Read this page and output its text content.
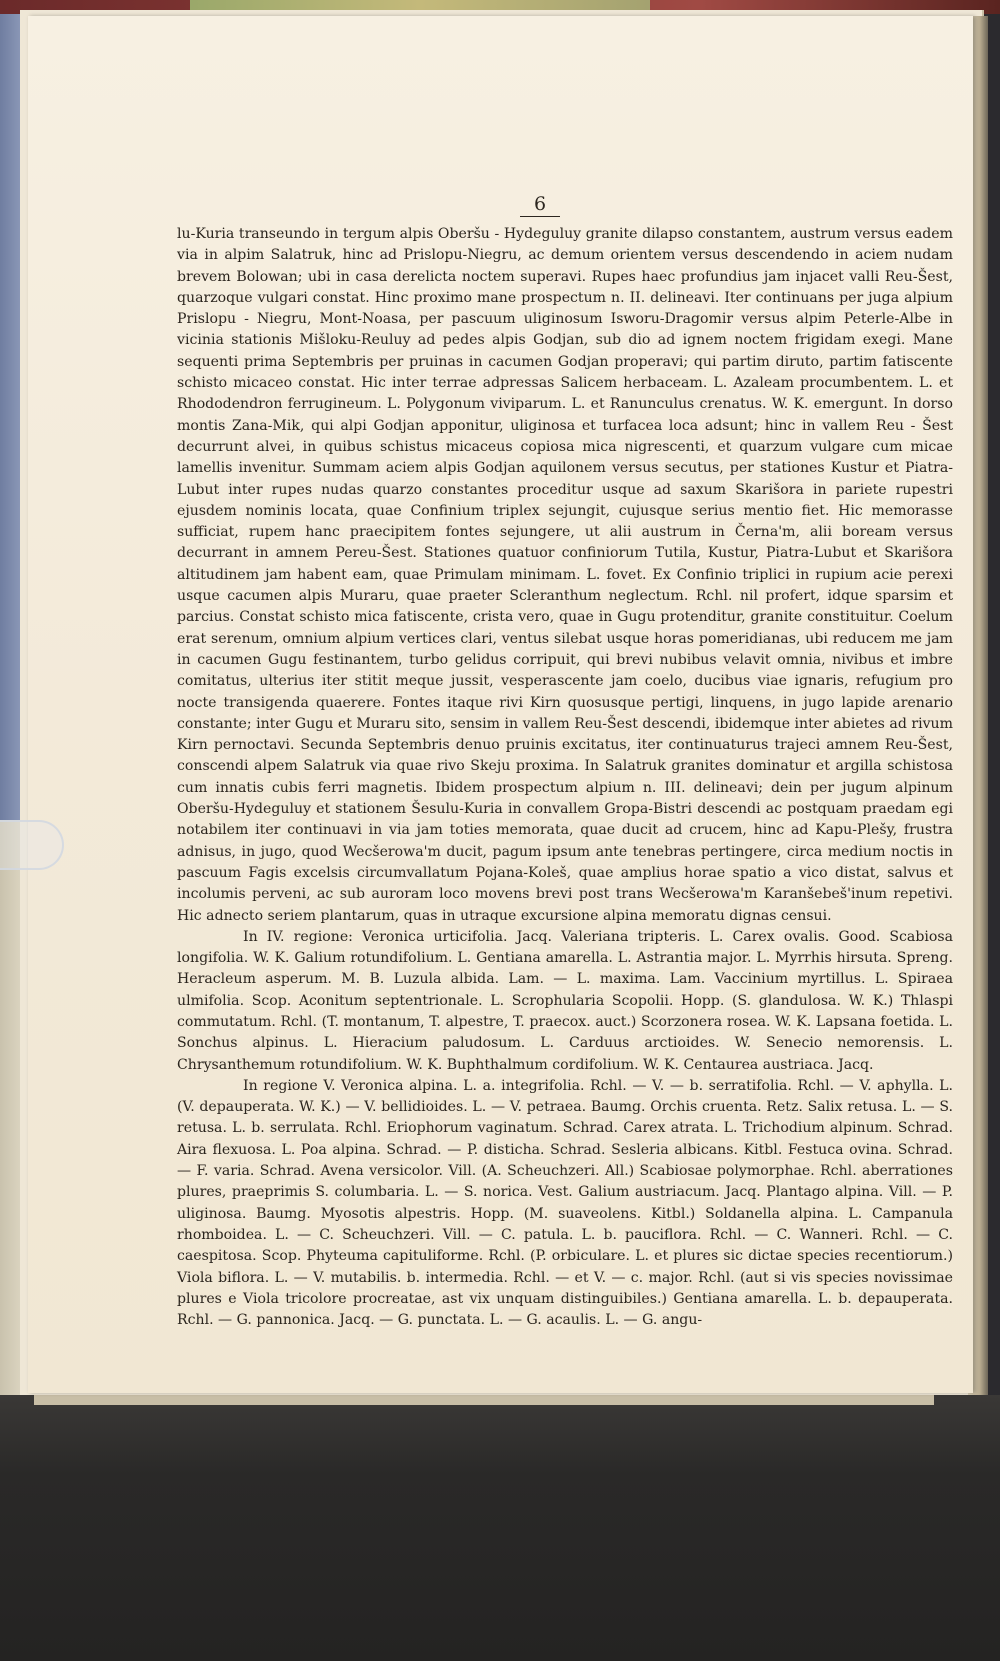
6

lu-Kuria transeundo in tergum alpis Oberšu - Hydeguluy granite dilapso constantem, austrum versus eadem via in alpim Salatruk, hinc ad Prislopu-Niegru, ac demum orientem versus descendendo in aciem nudam brevem Bolowan; ubi in casa derelicta noctem superavi. Rupes haec profundius jam injacet valli Reu-Šest, quarzoque vulgari constat. Hinc proximo mane prospectum n. II. delineavi. Iter continuans per juga alpium Prislopu - Niegru, Mont-Noasa, per pascuum uliginosum Isworu-Dragomir versus alpim Peterle-Albe in vicinia stationis Mišloku-Reuluy ad pedes alpis Godjan, sub dio ad ignem noctem frigidam exegi. Mane sequenti prima Septembris per pruinas in cacumen Godjan properavi; qui partim diruto, partim fatiscente schisto micaceo constat. Hic inter terrae adpressas Salicem herbaceam. L. Azaleam procumbentem. L. et Rhododendron ferrugineum. L. Polygonum viviparum. L. et Ranunculus crenatus. W. K. emergunt. In dorso montis Zana-Mik, qui alpi Godjan apponitur, uliginosa et turfacea loca adsunt; hinc in vallem Reu - Šest decurrunt alvei, in quibus schistus micaceus copiosa mica nigrescenti, et quarzum vulgare cum micae lamellis invenitur. Summam aciem alpis Godjan aquilonem versus secutus, per stationes Kustur et Piatra-Lubut inter rupes nudas quarzo constantes proceditur usque ad saxum Skarišora in pariete rupestri ejusdem nominis locata, quae Confinium triplex sejungit, cujusque serius mentio fiet. Hic memorasse sufficiat, rupem hanc praecipitem fontes sejungere, ut alii austrum in Černa'm, alii boream versus decurrant in amnem Pereu-Šest. Stationes quatuor confiniorum Tutila, Kustur, Piatra-Lubut et Skarišora altitudinem jam habent eam, quae Primulam minimam. L. fovet. Ex Confinio triplici in rupium acie perexi usque cacumen alpis Muraru, quae praeter Scleranthum neglectum. Rchl. nil profert, idque sparsim et parcius. Constat schisto mica fatiscente, crista vero, quae in Gugu protenditur, granite constituitur. Coelum erat serenum, omnium alpium vertices clari, ventus silebat usque horas pomeridianas, ubi reducem me jam in cacumen Gugu festinantem, turbo gelidus corripuit, qui brevi nubibus velavit omnia, nivibus et imbre comitatus, ulterius iter stitit meque jussit, vesperascente jam coelo, ducibus viae ignaris, refugium pro nocte transigenda quaerere. Fontes itaque rivi Kirn quosusque pertigi, linquens, in jugo lapide arenario constante; inter Gugu et Muraru sito, sensim in vallem Reu-Šest descendi, ibidemque inter abietes ad rivum Kirn pernoctavi. Secunda Septembris denuo pruinis excitatus, iter continuaturus trajeci amnem Reu-Šest, conscendi alpem Salatruk via quae rivo Skeju proxima. In Salatruk granites dominatur et argilla schistosa cum innatis cubis ferri magnetis. Ibidem prospectum alpium n. III. delineavi; dein per jugum alpinum Oberšu-Hydeguluy et stationem Šesulu-Kuria in convallem Gropa-Bistri descendi ac postquam praedam egi notabilem iter continuavi in via jam toties memorata, quae ducit ad crucem, hinc ad Kapu-Plešy, frustra adnisus, in jugo, quod Wecšerowa'm ducit, pagum ipsum ante tenebras pertingere, circa medium noctis in pascuum Fagis excelsis circumvallatum Pojana-Koleš, quae amplius horae spatio a vico distat, salvus et incolumis perveni, ac sub auroram loco movens brevi post trans Wecšerowa'm Karanšebeš'inum repetivi. Hic adnecto seriem plantarum, quas in utraque excursione alpina memoratu dignas censui.

In IV. regione: Veronica urticifolia. Jacq. Valeriana tripteris. L. Carex ovalis. Good. Scabiosa longifolia. W. K. Galium rotundifolium. L. Gentiana amarella. L. Astrantia major. L. Myrrhis hirsuta. Spreng. Heracleum asperum. M. B. Luzula albida. Lam. — L. maxima. Lam. Vaccinium myrtillus. L. Spiraea ulmifolia. Scop. Aconitum septentrionale. L. Scrophularia Scopolii. Hopp. (S. glandulosa. W. K.) Thlaspi commutatum. Rchl. (T. montanum, T. alpestre, T. praecox. auct.) Scorzonera rosea. W. K. Lapsana foetida. L. Sonchus alpinus. L. Hieracium paludosum. L. Carduus arctioides. W. Senecio nemorensis. L. Chrysanthemum rotundifolium. W. K. Buphthalmum cordifolium. W. K. Centaurea austriaca. Jacq.

In regione V. Veronica alpina. L. a. integrifolia. Rchl. — V. — b. serratifolia. Rchl. — V. aphylla. L. (V. depauperata. W. K.) — V. bellidioides. L. — V. petraea. Baumg. Orchis cruenta. Retz. Salix retusa. L. — S. retusa. L. b. serrulata. Rchl. Eriophorum vaginatum. Schrad. Carex atrata. L. Trichodium alpinum. Schrad. Aira flexuosa. L. Poa alpina. Schrad. — P. disticha. Schrad. Sesleria albicans. Kitbl. Festuca ovina. Schrad. — F. varia. Schrad. Avena versicolor. Vill. (A. Scheuchzeri. All.) Scabiosae polymorphae. Rchl. aberrationes plures, praeprimis S. columbaria. L. — S. norica. Vest. Galium austriacum. Jacq. Plantago alpina. Vill. — P. uliginosa. Baumg. Myosotis alpestris. Hopp. (M. suaveolens. Kitbl.) Soldanella alpina. L. Campanula rhomboidea. L. — C. Scheuchzeri. Vill. — C. patula. L. b. pauciflora. Rchl. — C. Wanneri. Rchl. — C. caespitosa. Scop. Phyteuma capituliforme. Rchl. (P. orbiculare. L. et plures sic dictae species recentiorum.) Viola biflora. L. — V. mutabilis. b. intermedia. Rchl. — et V. — c. major. Rchl. (aut si vis species novissimae plures e Viola tricolore procreatae, ast vix unquam distinguibiles.) Gentiana amarella. L. b. depauperata. Rchl. — G. pannonica. Jacq. — G. punctata. L. — G. acaulis. L. — G. angu-
